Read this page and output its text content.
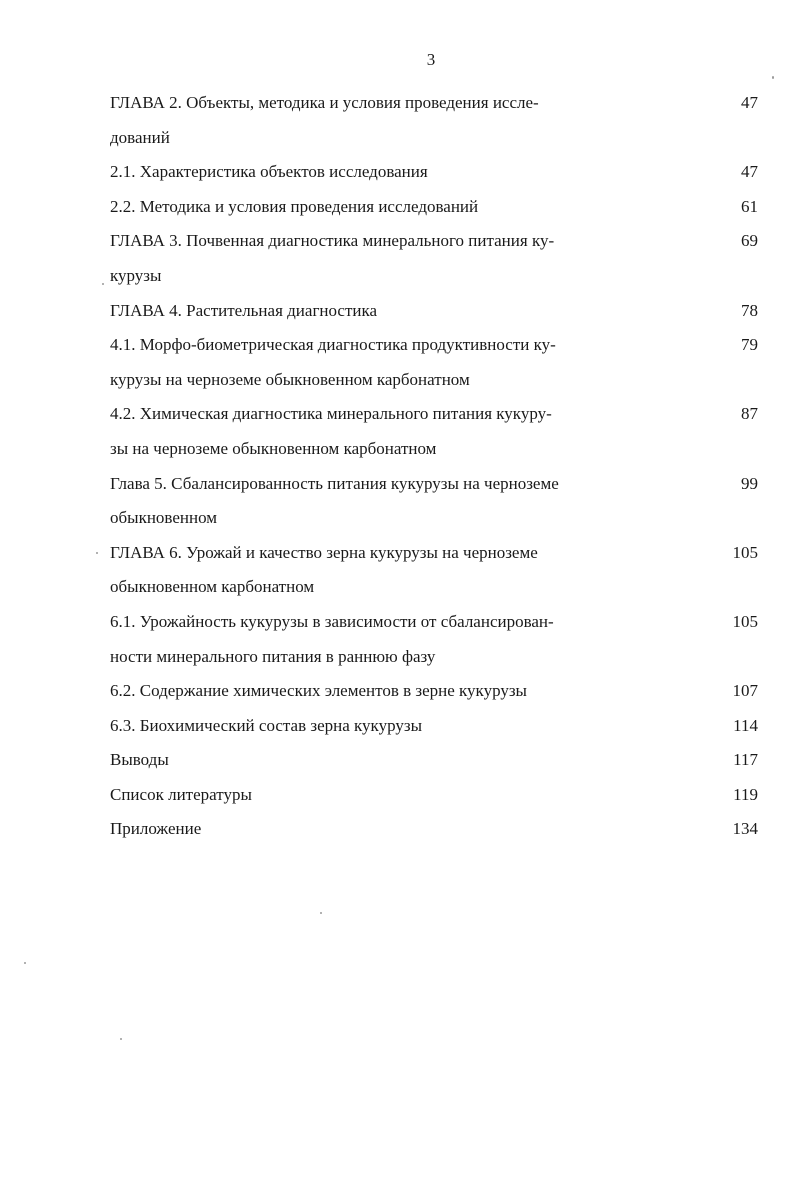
3
ГЛАВА 2. Объекты, методика и условия проведения иссле-
дований
47
2.1. Характеристика объектов исследования	47
2.2. Методика и условия проведения исследований	61
ГЛАВА 3. Почвенная диагностика минерального питания ку-
курузы
69
ГЛАВА 4. Растительная диагностика	78
4.1. Морфо-биометрическая диагностика продуктивности ку-
курузы на черноземе обыкновенном карбонатном
79
4.2. Химическая диагностика минерального питания кукуру-
зы на черноземе обыкновенном карбонатном
87
Глава 5. Сбалансированность питания кукурузы на черноземе
обыкновенном
99
ГЛАВА 6. Урожай и качество зерна кукурузы на черноземе
обыкновенном карбонатном
105
6.1. Урожайность кукурузы в зависимости от сбалансирован-
ности минерального питания в раннюю фазу
105
6.2. Содержание химических элементов в зерне кукурузы	107
6.3. Биохимический состав зерна кукурузы	114
Выводы	117
Список литературы	119
Приложение	134
